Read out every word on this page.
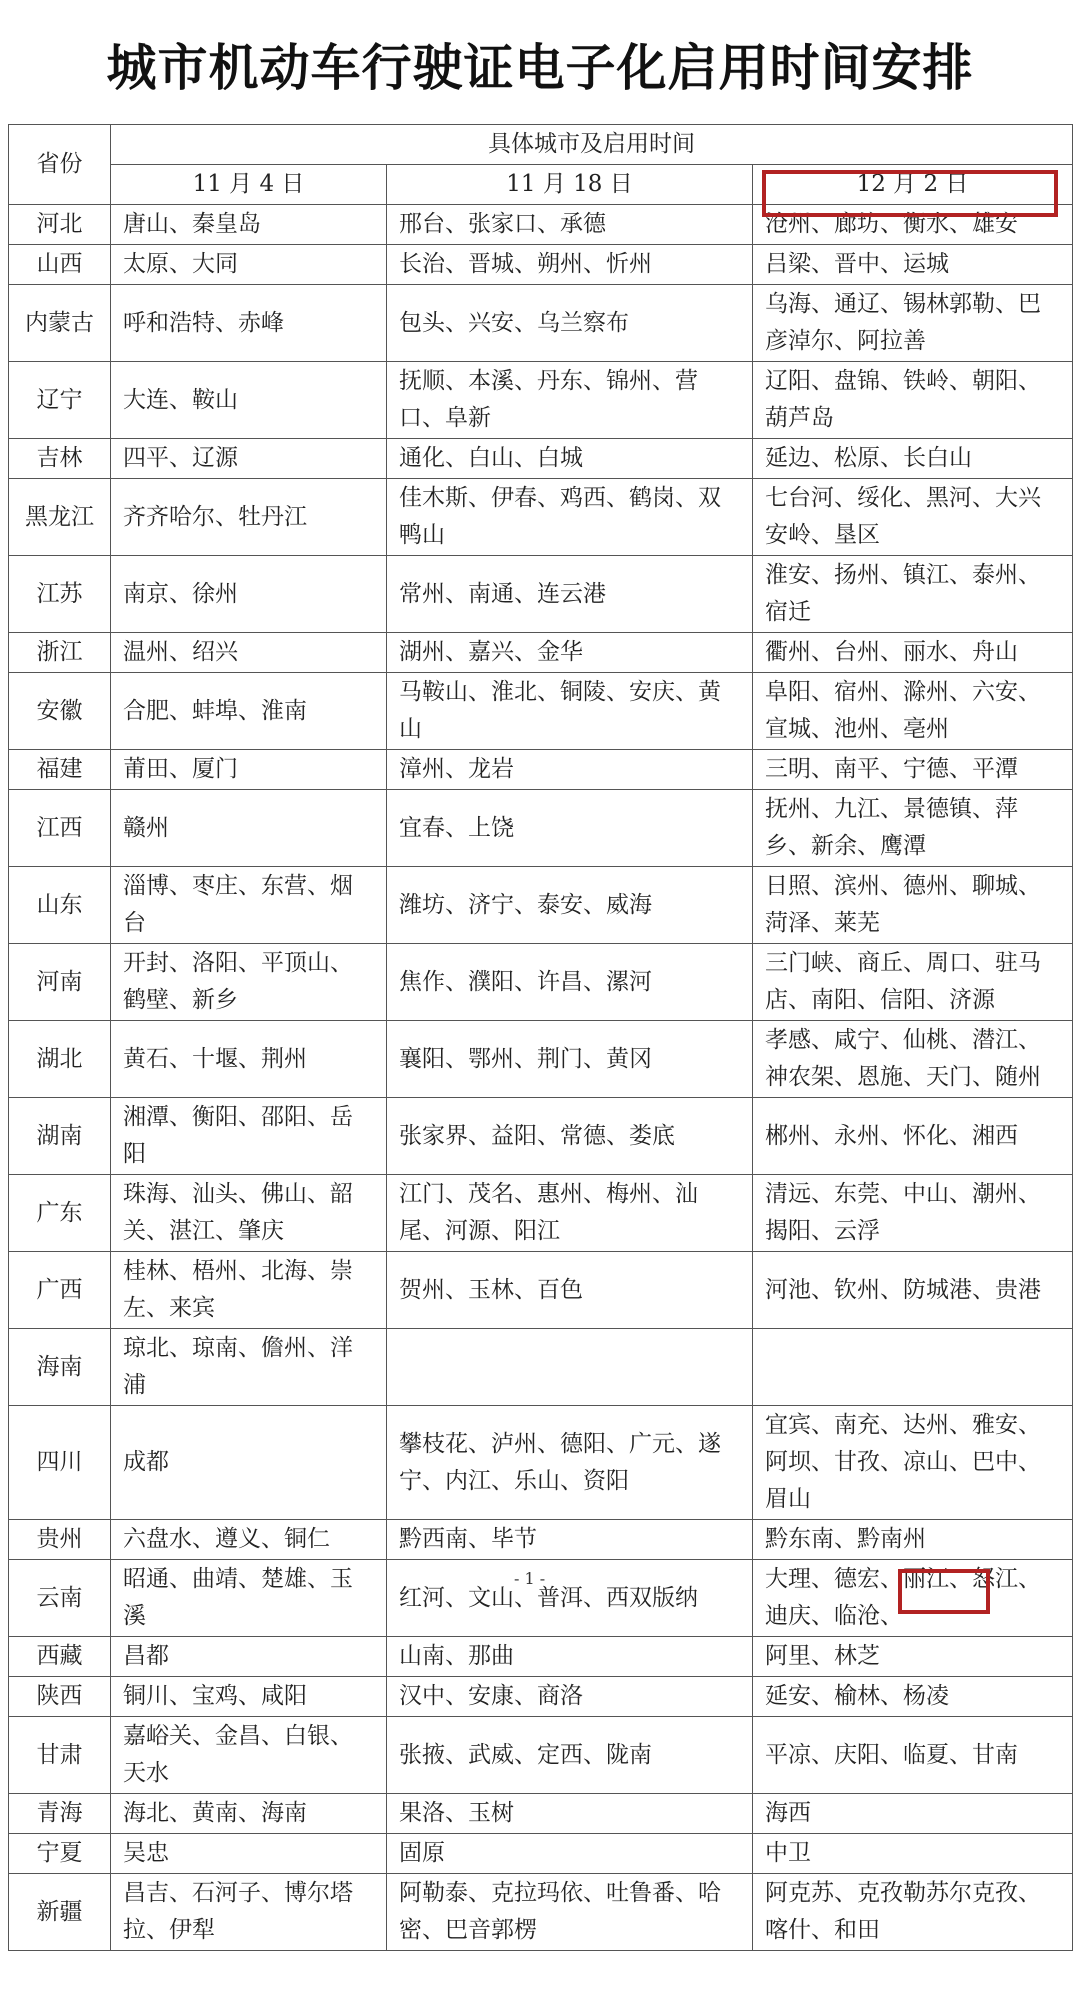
城市机动车行驶证电子化启用时间安排
省份	具体城市及启用时间		
	11 月 4 日	11 月 18 日	12 月 2 日
河北	唐山、秦皇岛	邢台、张家口、承德	沧州、廊坊、衡水、雄安
山西	太原、大同	长治、晋城、朔州、忻州	吕梁、晋中、运城
内蒙古	呼和浩特、赤峰	包头、兴安、乌兰察布	乌海、通辽、锡林郭勒、巴彦淖尔、阿拉善
辽宁	大连、鞍山	抚顺、本溪、丹东、锦州、营口、阜新	辽阳、盘锦、铁岭、朝阳、葫芦岛
吉林	四平、辽源	通化、白山、白城	延边、松原、长白山
黑龙江	齐齐哈尔、牡丹江	佳木斯、伊春、鸡西、鹤岗、双鸭山	七台河、绥化、黑河、大兴安岭、垦区
江苏	南京、徐州	常州、南通、连云港	淮安、扬州、镇江、泰州、宿迁
浙江	温州、绍兴	湖州、嘉兴、金华	衢州、台州、丽水、舟山
安徽	合肥、蚌埠、淮南	马鞍山、淮北、铜陵、安庆、黄山	阜阳、宿州、滁州、六安、宣城、池州、亳州
福建	莆田、厦门	漳州、龙岩	三明、南平、宁德、平潭
江西	赣州	宜春、上饶	抚州、九江、景德镇、萍乡、新余、鹰潭
山东	淄博、枣庄、东营、烟台	潍坊、济宁、泰安、威海	日照、滨州、德州、聊城、菏泽、莱芜
河南	开封、洛阳、平顶山、鹤壁、新乡	焦作、濮阳、许昌、漯河	三门峡、商丘、周口、驻马店、南阳、信阳、济源
湖北	黄石、十堰、荆州	襄阳、鄂州、荆门、黄冈	孝感、咸宁、仙桃、潜江、神农架、恩施、天门、随州
湖南	湘潭、衡阳、邵阳、岳阳	张家界、益阳、常德、娄底	郴州、永州、怀化、湘西
广东	珠海、汕头、佛山、韶关、湛江、肇庆	江门、茂名、惠州、梅州、汕尾、河源、阳江	清远、东莞、中山、潮州、揭阳、云浮
广西	桂林、梧州、北海、崇左、来宾	贺州、玉林、百色	河池、钦州、防城港、贵港
海南	琼北、琼南、儋州、洋浦		
四川	成都	攀枝花、泸州、德阳、广元、遂宁、内江、乐山、资阳	宜宾、南充、达州、雅安、阿坝、甘孜、凉山、巴中、眉山
贵州	六盘水、遵义、铜仁	黔西南、毕节	黔东南、黔南州
云南	昭通、曲靖、楚雄、玉溪	红河、文山、普洱、西双版纳	大理、德宏、丽江、怒江、迪庆、临沧、
西藏	昌都	山南、那曲	阿里、林芝
陕西	铜川、宝鸡、咸阳	汉中、安康、商洛	延安、榆林、杨凌
甘肃	嘉峪关、金昌、白银、天水	张掖、武威、定西、陇南	平凉、庆阳、临夏、甘南
青海	海北、黄南、海南	果洛、玉树	海西
宁夏	吴忠	固原	中卫
新疆	昌吉、石河子、博尔塔拉、伊犁	阿勒泰、克拉玛依、吐鲁番、哈密、巴音郭楞	阿克苏、克孜勒苏尔克孜、喀什、和田
- 1 -
